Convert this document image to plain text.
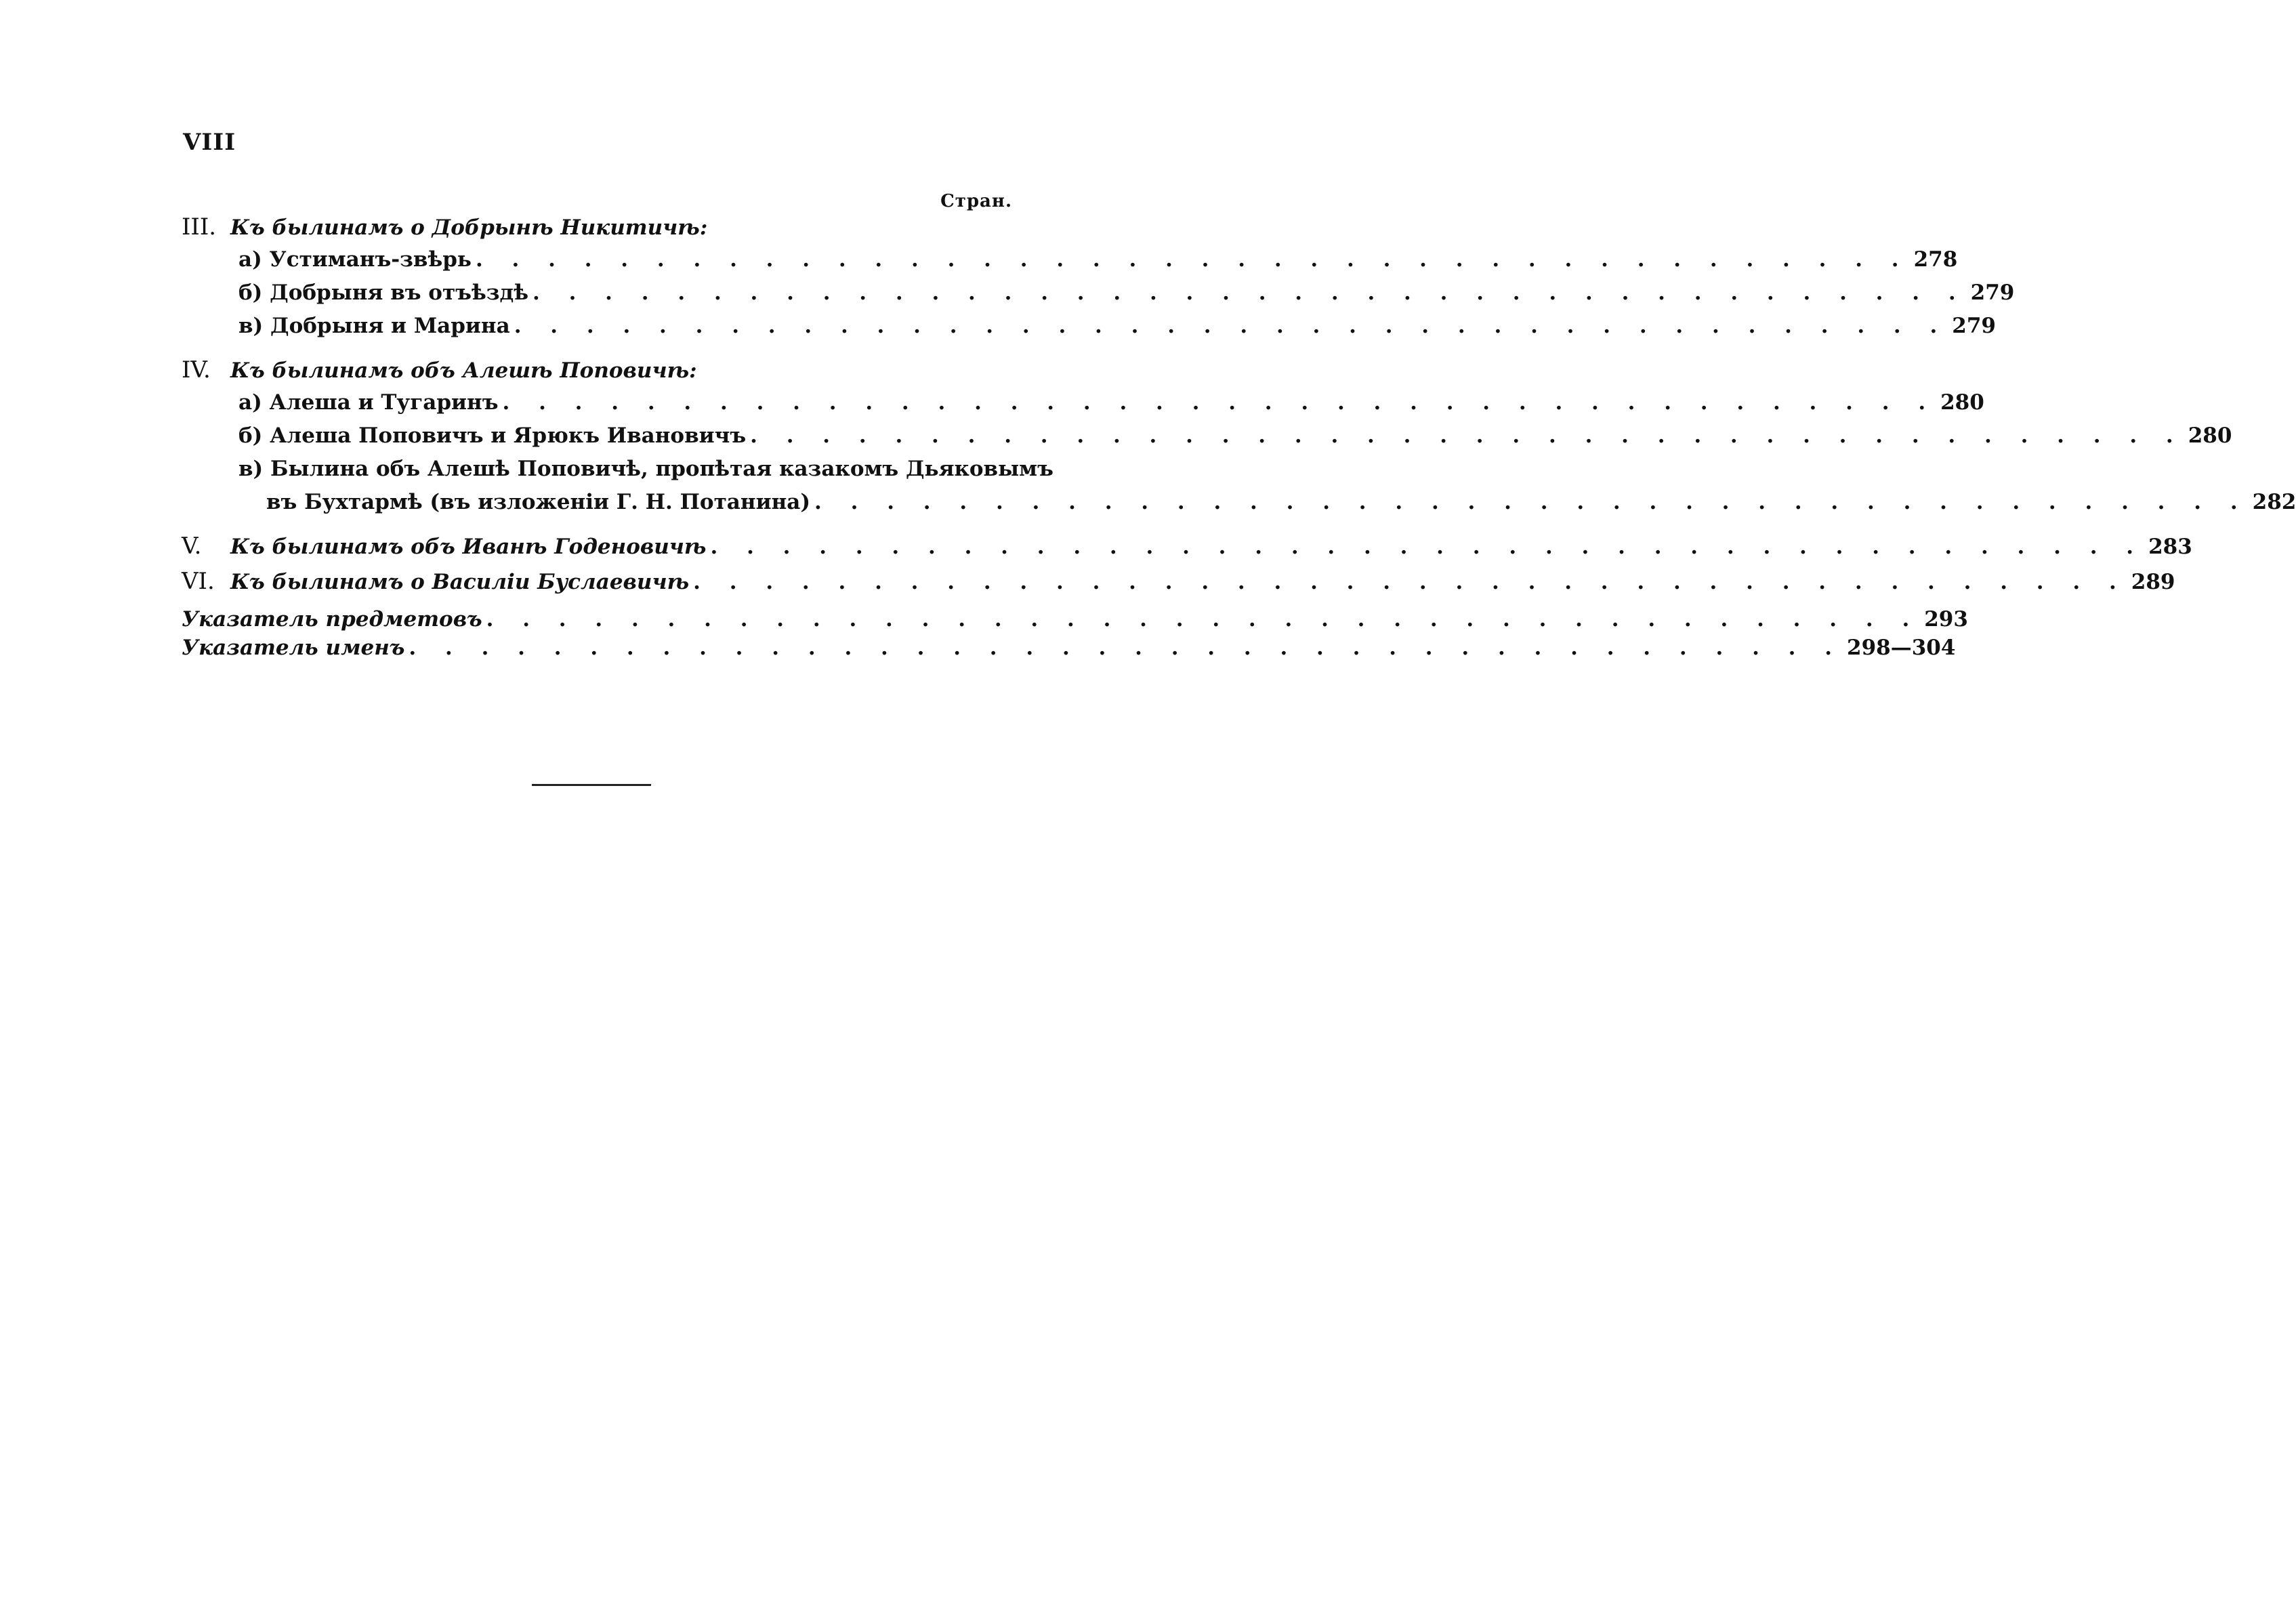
VIII
Стран.
III. Къ былинамъ о Добрынѣ Никитичѣ:
а) Устиманъ-звѣрь . . . . . . . . . . . . . . . . . . . . . . . . . . . . . . . . . . . . . . . . 278
б) Добрыня въ отъѣздѣ . . . . . . . . . . . . . . . . . . . . . . . . . . . . . . . . . . . . . . . . 279
в) Добрыня и Марина . . . . . . . . . . . . . . . . . . . . . . . . . . . . . . . . . . . . . . . . 279
IV. Къ былинамъ объ Алешѣ Поповичѣ:
а) Алеша и Тугаринъ . . . . . . . . . . . . . . . . . . . . . . . . . . . . . . . . . . . . . . . . 280
б) Алеша Поповичъ и Ярюкъ Ивановичъ . . . . . . . . . . . . . . . . . . . . . . . . . . . . . . . . . . . . . . . . 280
в) Былина объ Алешѣ Поповичѣ, пропѣтая казакомъ Дьяковымъ
въ Бухтармѣ (въ изложеніи Г. Н. Потанина) . . . . . . . . . . . . . . . . . . . . . . . . . . . . . . . . . . . . . . . . 282
V.	Къ былинамъ объ Иванѣ Годеновичѣ . . . . . . . . . . . . . . . . . . . . . . . . . . . . . . . . . . . . . . . . 283
VI. Къ былинамъ о Василіи Буслаевичѣ . . . . . . . . . . . . . . . . . . . . . . . . . . . . . . . . . . . . . . . . 289
Указатель предметовъ . . . . . . . . . . . . . . . . . . . . . . . . . . . . . . . . . . . . . . . . 293
Указатель именъ . . . . . . . . . . . . . . . . . . . . . . . . . . . . . . . . . . . . . . . . 298—304
